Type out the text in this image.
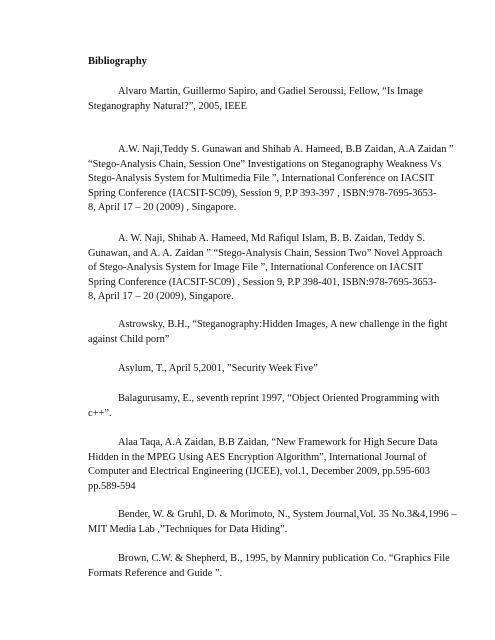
Bibliography
Alvaro Martin, Guillermo Sapiro, and Gadiel Seroussi, Fellow, “Is Image
Steganography Natural?”, 2005, IEEE
A.W. Naji,Teddy S. Gunawan and Shihab A. Hameed, B.B Zaidan, A.A Zaidan ”
“Stego-Analysis Chain, Session One” Investigations on Steganography Weakness Vs
Stego-Analysis System for Multimedia File ”, International Conference on IACSIT
Spring Conference (IACSIT-SC09), Session 9, P.P 393-397 , ISBN:978-7695-3653-
8, April 17 – 20 (2009) , Singapore.
A. W. Naji, Shihab A. Hameed, Md Rafiqul Islam, B. B. Zaidan, Teddy S.
Gunawan, and A. A. Zaidan ” “Stego-Analysis Chain, Session Two” Novel Approach
of Stego-Analysis System for Image File ”, International Conference on IACSIT
Spring Conference (IACSIT-SC09) , Session 9, P.P 398-401, ISBN:978-7695-3653-
8, April 17 – 20 (2009), Singapore.
Astrowsky, B.H., “Steganography:Hidden Images, A new challenge in the fight
against Child porn”
Asylum, T., April 5,2001, ”Security Week Five”
Balagurusamy, E., seventh reprint 1997, “Object Oriented Programming with
c++”.
Alaa Taqa, A.A Zaidan, B.B Zaidan, “New Framework for High Secure Data
Hidden in the MPEG Using AES Encryption Algorithm”, International Journal of
Computer and Electrical Engineering (IJCEE), vol.1, December 2009, pp.595-603
pp.589-594
Bender, W. & Gruhl, D. & Morimoto, N., System Journal,Vol. 35 No.3&4,1996 –
MIT Media Lab ,”Techniques for Data Hiding”.
Brown, C.W. & Shepherd, B., 1995, by Manniry publication Co. “Graphics File
Formats Reference and Guide ”.
